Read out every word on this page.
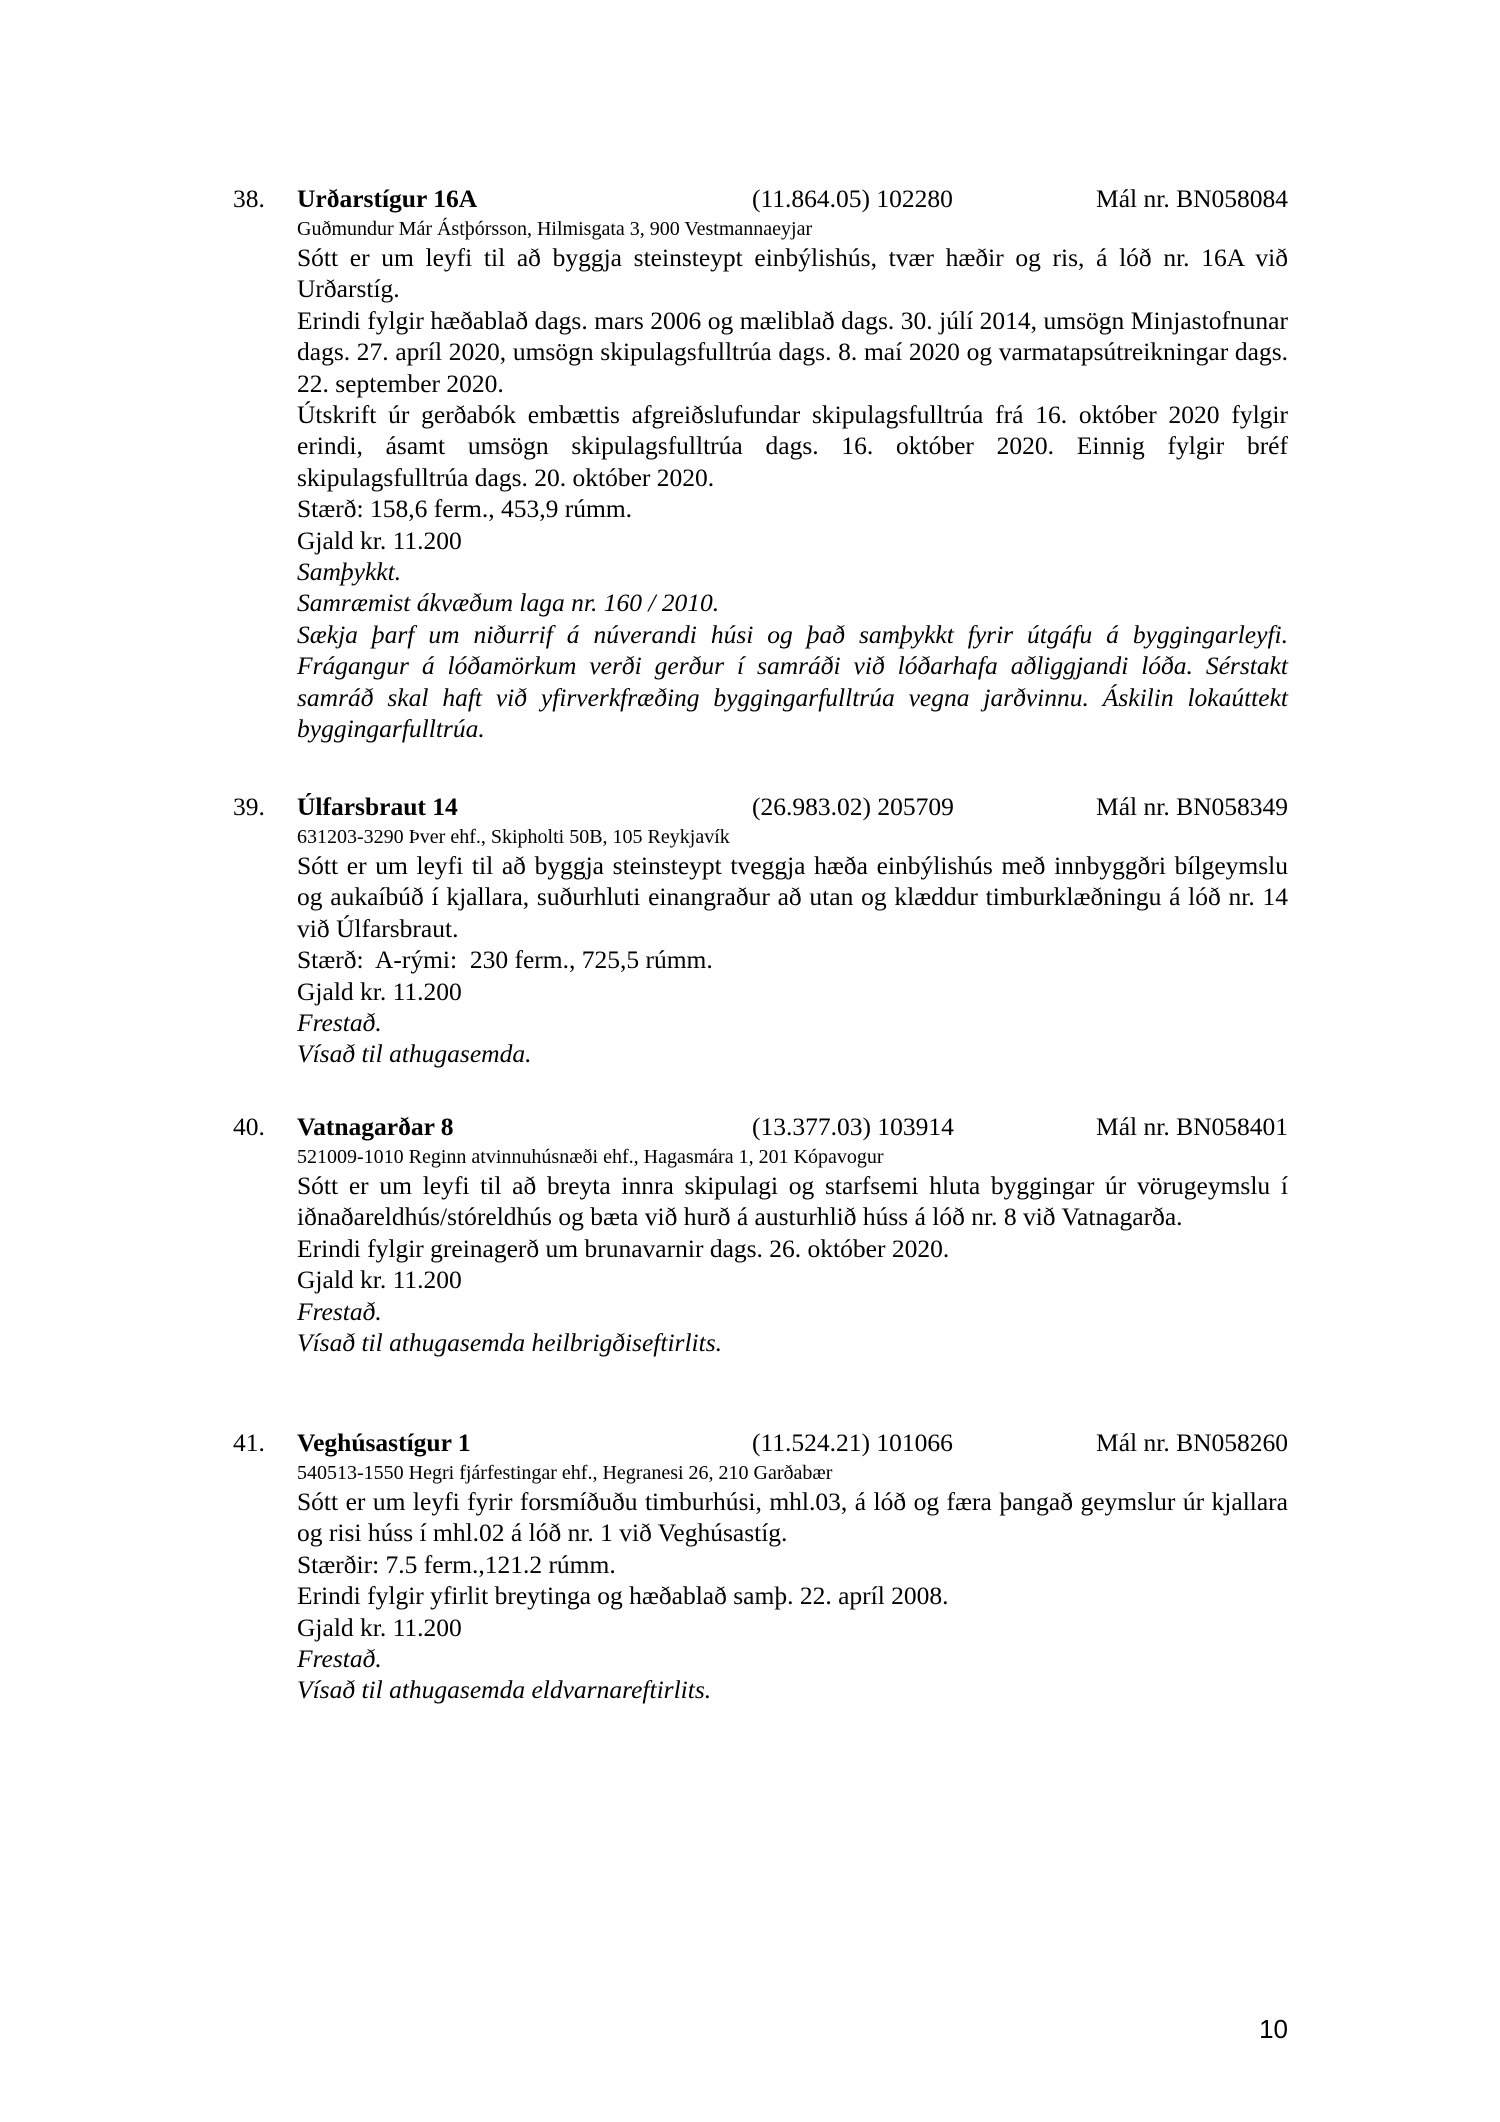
38. Urðarstígur 16A	(11.864.05) 102280	Mál nr. BN058084
Guðmundur Már Ástþórsson, Hilmisgata 3, 900 Vestmannaeyjar
Sótt er um leyfi til að byggja steinsteypt einbýlishús, tvær hæðir og ris, á lóð nr. 16A við Urðarstíg.
Erindi fylgir hæðablað dags. mars 2006 og mæliblað dags. 30. júlí 2014, umsögn Minjastofnunar dags. 27. apríl 2020, umsögn skipulagsfulltrúa dags. 8. maí 2020 og varmatapsútreikningar dags. 22. september 2020.
Útskrift úr gerðabók embættis afgreiðslufundar skipulagsfulltrúa frá 16. október 2020 fylgir erindi, ásamt umsögn skipulagsfulltrúa dags. 16. október 2020. Einnig fylgir bréf skipulagsfulltrúa dags. 20. október 2020.
Stærð: 158,6 ferm., 453,9 rúmm.
Gjald kr. 11.200
Samþykkt.
Samræmist ákvæðum laga nr. 160 / 2010.
Sækja þarf um niðurrif á núverandi húsi og það samþykkt fyrir útgáfu á byggingarleyfi. Frágangur á lóðamörkum verði gerður í samráði við lóðarhafa aðliggjandi lóða. Sérstakt samráð skal haft við yfirverkfræðing byggingarfulltrúa vegna jarðvinnu. Áskilin lokaúttekt byggingarfulltrúa.
39. Úlfarsbraut 14	(26.983.02) 205709	Mál nr. BN058349
631203-3290 Þver ehf., Skipholti 50B, 105 Reykjavík
Sótt er um leyfi til að byggja steinsteypt tveggja hæða einbýlishús með innbyggðri bílgeymslu og aukaíbúð í kjallara, suðurhluti einangraður að utan og klæddur timburklæðningu á lóð nr. 14 við Úlfarsbraut.
Stærð:  A-rými:  230 ferm., 725,5 rúmm.
Gjald kr. 11.200
Frestað.
Vísað til athugasemda.
40. Vatnagarðar 8	(13.377.03) 103914	Mál nr. BN058401
521009-1010 Reginn atvinnuhúsnæði ehf., Hagasmára 1, 201 Kópavogur
Sótt er um leyfi til að breyta innra skipulagi og starfsemi hluta byggingar úr vörugeymslu í iðnaðareldhús/stóreldhús og bæta við hurð á austurhlið húss á lóð nr. 8 við Vatnagarða.
Erindi fylgir greinagerð um brunavarnir dags. 26. október 2020.
Gjald kr. 11.200
Frestað.
Vísað til athugasemda heilbrigðiseftirlits.
41. Veghúsastígur 1	(11.524.21) 101066	Mál nr. BN058260
540513-1550 Hegri fjárfestingar ehf., Hegranesi 26, 210 Garðabær
Sótt er um leyfi fyrir forsmíðuðu timburhúsi, mhl.03, á lóð og færa þangað geymslur úr kjallara og risi húss í mhl.02 á lóð nr. 1 við Veghúsastíg.
Stærðir: 7.5 ferm.,121.2 rúmm.
Erindi fylgir yfirlit breytinga og hæðablað samþ. 22. apríl 2008.
Gjald kr. 11.200
Frestað.
Vísað til athugasemda eldvarnareftirlits.
10
